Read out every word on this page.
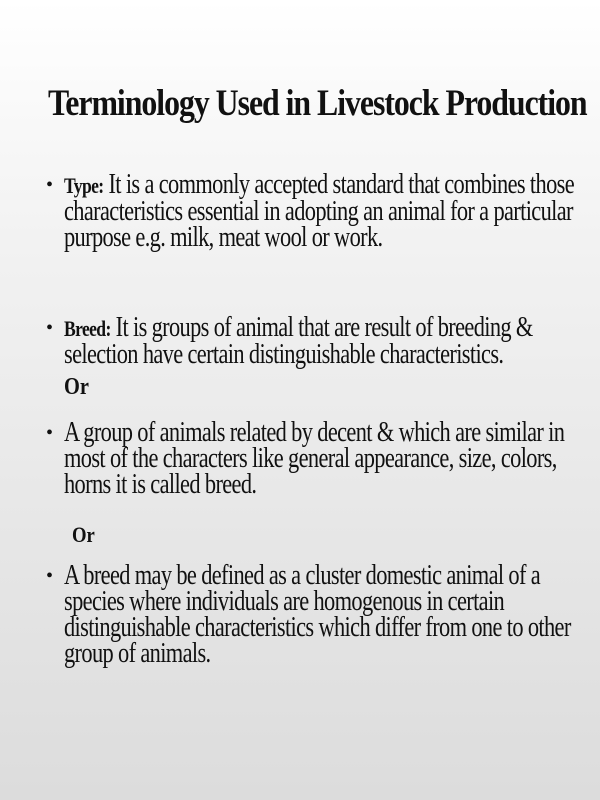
Terminology Used in Livestock Production
• Type: It is a commonly accepted standard that combines those characteristics essential in adopting an animal for a particular purpose e.g. milk, meat wool or work.
• Breed: It is groups of animal that are result of breeding & selection have certain distinguishable characteristics.
Or
• A group of animals related by decent & which are similar in most of the characters like general appearance, size, colors, horns it is called breed.
Or
• A breed may be defined as a cluster domestic animal of a species where individuals are homogenous in certain distinguishable characteristics which differ from one to other group of animals.
